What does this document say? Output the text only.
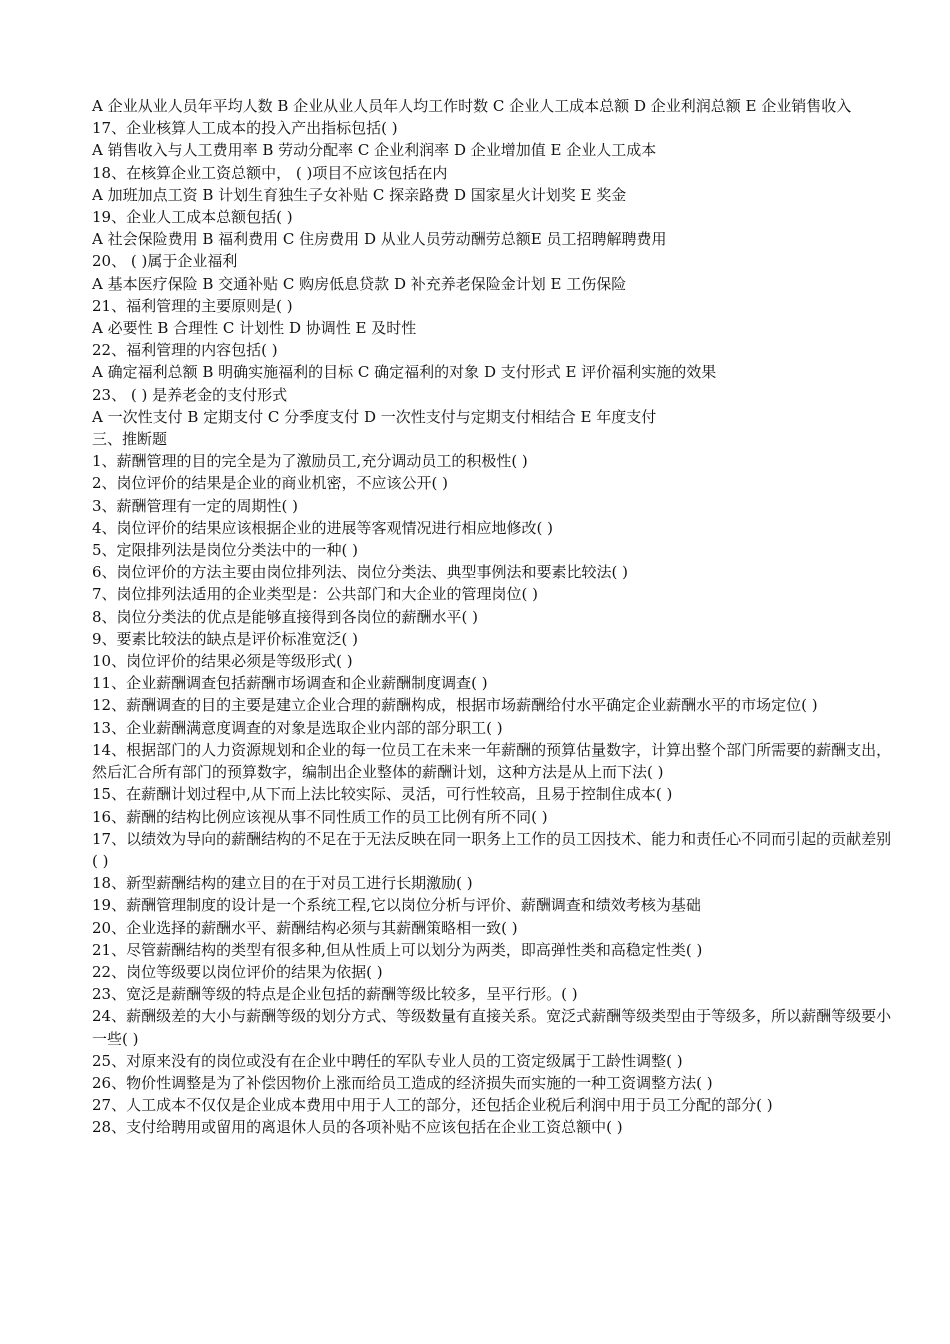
A 企业从业人员年平均人数 B 企业从业人员年人均工作时数 C 企业人工成本总额 D 企业利润总额 E 企业销售收入

17、企业核算人工成本的投入产出指标包括( )

A 销售收入与人工费用率 B 劳动分配率 C 企业利润率 D 企业增加值 E 企业人工成本

18、在核算企业工资总额中， ( )项目不应该包括在内

A 加班加点工资 B 计划生育独生子女补贴 C 探亲路费 D 国家星火计划奖 E 奖金

19、企业人工成本总额包括( )

A 社会保险费用 B 福利费用 C 住房费用 D 从业人员劳动酬劳总额E 员工招聘解聘费用

20、 ( )属于企业福利

A 基本医疗保险 B 交通补贴 C 购房低息贷款 D 补充养老保险金计划 E 工伤保险

21、福利管理的主要原则是( )

A 必要性 B 合理性 C 计划性 D 协调性 E 及时性

22、福利管理的内容包括( )

A 确定福利总额 B 明确实施福利的目标 C 确定福利的对象 D 支付形式 E 评价福利实施的效果

23、 ( ) 是养老金的支付形式

A 一次性支付 B 定期支付 C 分季度支付 D 一次性支付与定期支付相结合 E 年度支付

三、推断题

1、薪酬管理的目的完全是为了激励员工,充分调动员工的积极性( )

2、岗位评价的结果是企业的商业机密，不应该公开( )

3、薪酬管理有一定的周期性( )

4、岗位评价的结果应该根据企业的进展等客观情况进行相应地修改( )

5、定限排列法是岗位分类法中的一种( )

6、岗位评价的方法主要由岗位排列法、岗位分类法、典型事例法和要素比较法( )

7、岗位排列法适用的企业类型是：公共部门和大企业的管理岗位( )

8、岗位分类法的优点是能够直接得到各岗位的薪酬水平( )

9、要素比较法的缺点是评价标准宽泛( )

10、岗位评价的结果必须是等级形式( )

11、企业薪酬调查包括薪酬市场调查和企业薪酬制度调查( )

12、薪酬调查的目的主要是建立企业合理的薪酬构成，根据市场薪酬给付水平确定企业薪酬水平的市场定位( )

13、企业薪酬满意度调查的对象是选取企业内部的部分职工( )

14、根据部门的人力资源规划和企业的每一位员工在未来一年薪酬的预算估量数字，计算出整个部门所需要的薪酬支出，然后汇合所有部门的预算数字，编制出企业整体的薪酬计划，这种方法是从上而下法( )

15、在薪酬计划过程中,从下而上法比较实际、灵活，可行性较高，且易于控制住成本( )

16、薪酬的结构比例应该视从事不同性质工作的员工比例有所不同( )

17、以绩效为导向的薪酬结构的不足在于无法反映在同一职务上工作的员工因技术、能力和责任心不同而引起的贡献差别( )

18、新型薪酬结构的建立目的在于对员工进行长期激励( )

19、薪酬管理制度的设计是一个系统工程,它以岗位分析与评价、薪酬调查和绩效考核为基础

20、企业选择的薪酬水平、薪酬结构必须与其薪酬策略相一致( )

21、尽管薪酬结构的类型有很多种,但从性质上可以划分为两类，即高弹性类和高稳定性类( )

22、岗位等级要以岗位评价的结果为依据( )

23、宽泛是薪酬等级的特点是企业包括的薪酬等级比较多，呈平行形。( )

24、薪酬级差的大小与薪酬等级的划分方式、等级数量有直接关系。宽泛式薪酬等级类型由于等级多，所以薪酬等级要小一些( )

25、对原来没有的岗位或没有在企业中聘任的军队专业人员的工资定级属于工龄性调整( )

26、物价性调整是为了补偿因物价上涨而给员工造成的经济损失而实施的一种工资调整方法( )

27、人工成本不仅仅是企业成本费用中用于人工的部分，还包括企业税后利润中用于员工分配的部分( )

28、支付给聘用或留用的离退休人员的各项补贴不应该包括在企业工资总额中( )
